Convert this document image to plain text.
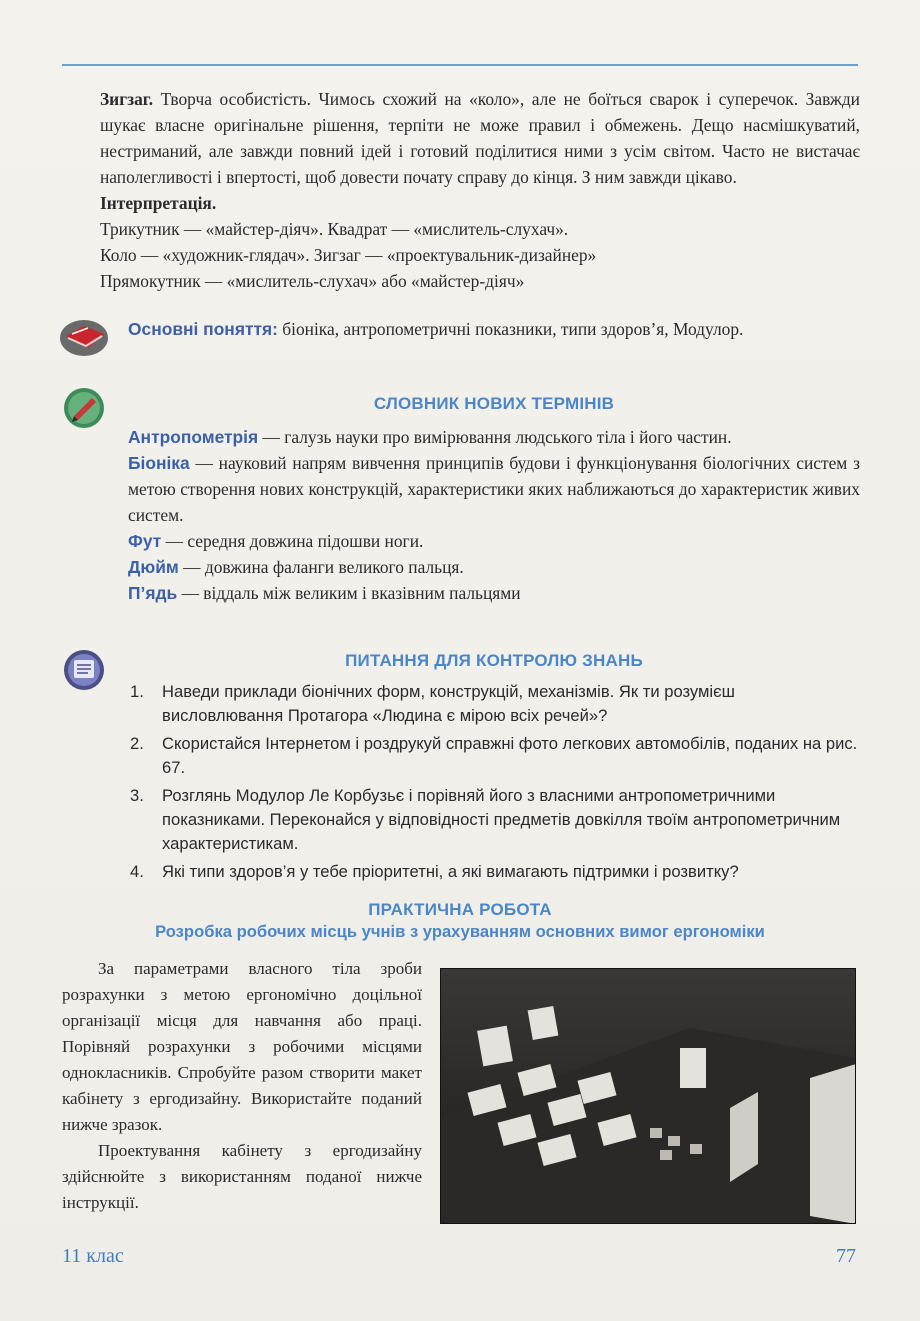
Зигзаг. Творча особистість. Чимось схожий на «коло», але не боїться сварок і суперечок. Завжди шукає власне оригінальне рішення, терпіти не може правил і обмежень. Дещо насмішкуватий, нестриманий, але завжди повний ідей і готовий поділитися ними з усім світом. Часто не вистачає наполегливості і впертості, щоб довести почату справу до кінця. З ним завжди цікаво.

Інтерпретація.

Трикутник — «майстер-діяч». Квадрат — «мислитель-слухач».

Коло — «художник-глядач». Зигзаг — «проектувальник-дизайнер»

Прямокутник — «мислитель-слухач» або «майстер-діяч»

Основні поняття: біоніка, антропометричні показники, типи здоров’я, Модулор.
СЛОВНИК НОВИХ ТЕРМІНІВ

Антропометрія — галузь науки про вимірювання людського тіла і його частин.

Біоніка — науковий напрям вивчення принципів будови і функціонування біологічних систем з метою створення нових конструкцій, характеристики яких наближаються до характеристик живих систем.

Фут — середня довжина підошви ноги.

Дюйм — довжина фаланги великого пальця.

П’ядь — віддаль між великим і вказівним пальцями

ПИТАННЯ ДЛЯ КОНТРОЛЮ ЗНАНЬ
1.	Наведи приклади біонічних форм, конструкцій, механізмів. Як ти розумієш висловлювання Протагора «Людина є мірою всіх речей»?
2.	Скористайся Інтернетом і роздрукуй справжні фото легкових автомобілів, поданих на рис. 67.
3.	Розглянь Модулор Ле Корбузьє і порівняй його з власними антропометричними показниками. Переконайся у відповідності предметів довкілля твоїм антропометричним характеристикам.
4.	Які типи здоров’я у тебе пріоритетні, а які вимагають підтримки і розвитку?
ПРАКТИЧНА РОБОТА
Розробка робочих місць учнів з урахуванням основних вимог ергономіки

За параметрами власного тіла зроби розрахунки з метою ергономічно доцільної організації місця для навчання або праці. Порівняй розрахунки з робочими місцями однокласників. Спробуйте разом створити макет кабінету з ергодизайну. Використайте поданий нижче зразок.

Проектування кабінету з ергодизайну здійснюйте з використанням поданої нижче інструкції.

11 клас	77
